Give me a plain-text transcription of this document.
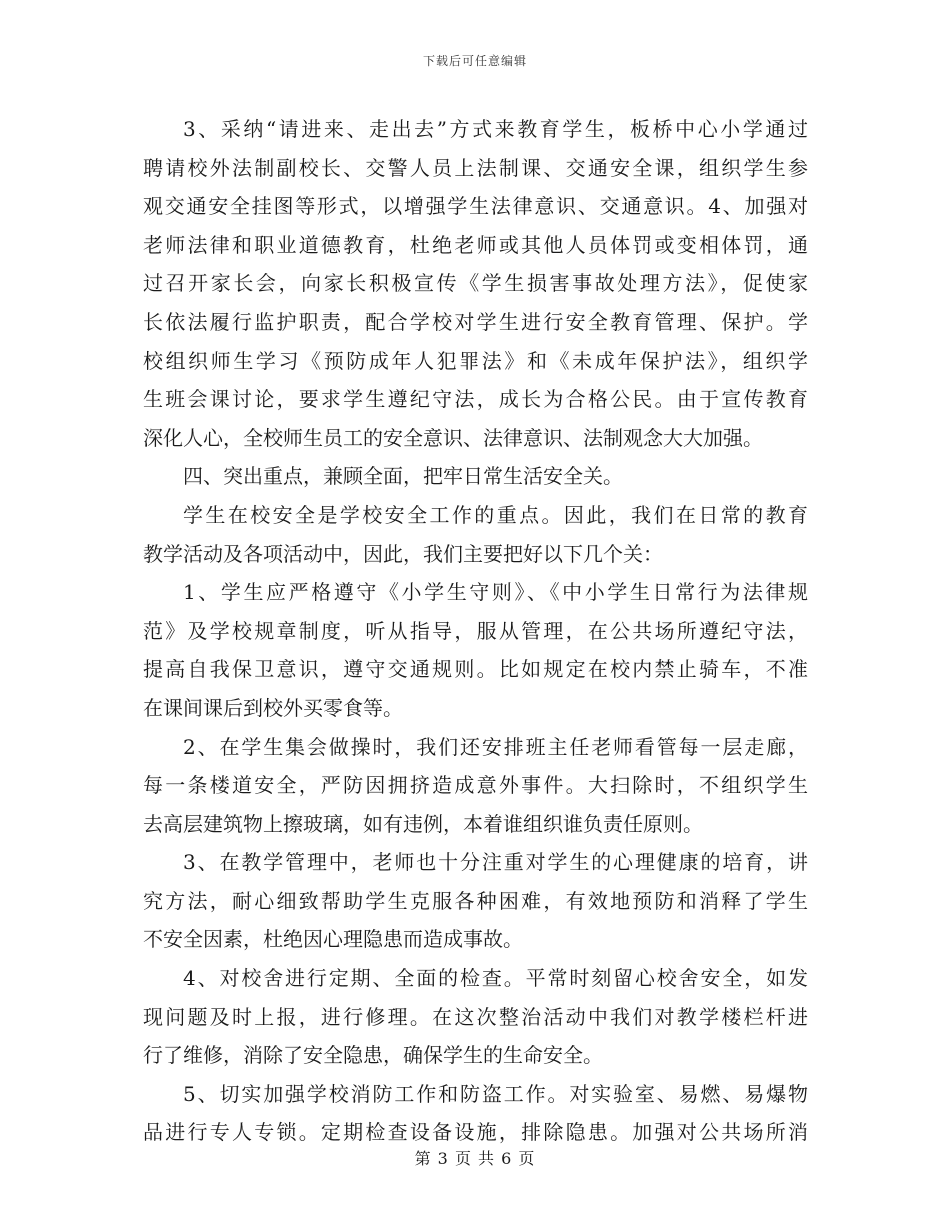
下载后可任意编辑
3、采纳“请进来、走出去”方式来教育学生，板桥中心小学通过
聘请校外法制副校长、交警人员上法制课、交通安全课，组织学生参
观交通安全挂图等形式，以增强学生法律意识、交通意识。4、加强对
老师法律和职业道德教育，杜绝老师或其他人员体罚或变相体罚，通
过召开家长会，向家长积极宣传《学生损害事故处理方法》，促使家
长依法履行监护职责，配合学校对学生进行安全教育管理、保护。学
校组织师生学习《预防成年人犯罪法》和《未成年保护法》，组织学
生班会课讨论，要求学生遵纪守法，成长为合格公民。由于宣传教育
深化人心，全校师生员工的安全意识、法律意识、法制观念大大加强。
四、突出重点，兼顾全面，把牢日常生活安全关。
学生在校安全是学校安全工作的重点。因此，我们在日常的教育
教学活动及各项活动中，因此，我们主要把好以下几个关：
1、学生应严格遵守《小学生守则》、《中小学生日常行为法律规
范》及学校规章制度，听从指导，服从管理，在公共场所遵纪守法，
提高自我保卫意识，遵守交通规则。比如规定在校内禁止骑车，不准
在课间课后到校外买零食等。
2、在学生集会做操时，我们还安排班主任老师看管每一层走廊，
每一条楼道安全，严防因拥挤造成意外事件。大扫除时，不组织学生
去高层建筑物上擦玻璃，如有违例，本着谁组织谁负责任原则。
3、在教学管理中，老师也十分注重对学生的心理健康的培育，讲
究方法，耐心细致帮助学生克服各种困难，有效地预防和消释了学生
不安全因素，杜绝因心理隐患而造成事故。
4、对校舍进行定期、全面的检查。平常时刻留心校舍安全，如发
现问题及时上报，进行修理。在这次整治活动中我们对教学楼栏杆进
行了维修，消除了安全隐患，确保学生的生命安全。
5、切实加强学校消防工作和防盗工作。对实验室、易燃、易爆物
品进行专人专锁。定期检查设备设施，排除隐患。加强对公共场所消
第 3 页 共 6 页
